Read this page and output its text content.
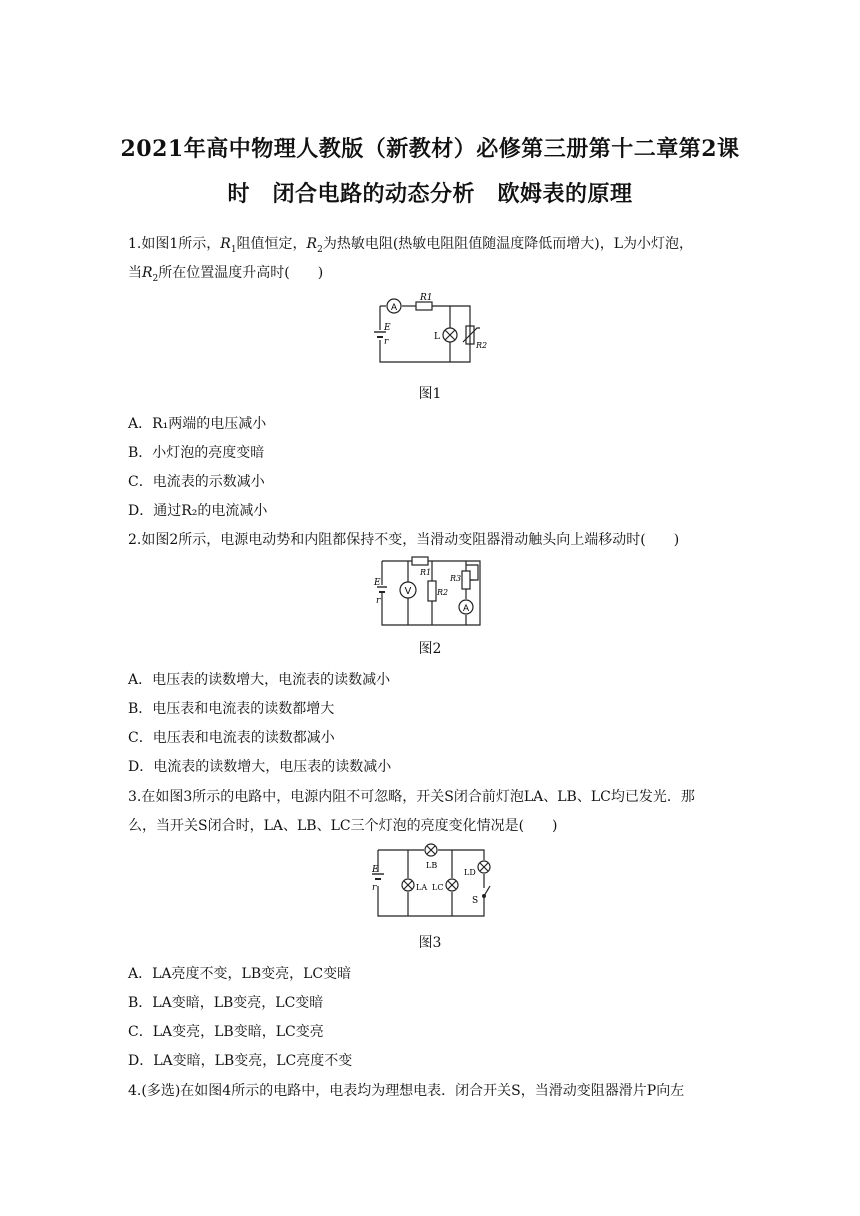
2021年高中物理人教版（新教材）必修第三册第十二章第2课
时　闭合电路的动态分析　欧姆表的原理
1.如图1所示，$R_1$阻值恒定，$R_2$为热敏电阻(热敏电阻阻值随温度降低而增大)，L为小灯泡，
当$R_2$所在位置温度升高时(　　)
A
R1
E
r	L
R2
图1
A．R₁两端的电压减小
B．小灯泡的亮度变暗
C．电流表的示数减小
D．通过R₂的电流减小
2.如图2所示，电源电动势和内阻都保持不变，当滑动变阻器滑动触头向上端移动时(　　)
V
A
E
r
R1
R2
R3
图2
A．电压表的读数增大，电流表的读数减小
B．电压表和电流表的读数都增大
C．电压表和电流表的读数都减小
D．电流表的读数增大，电压表的读数减小
3.在如图3所示的电路中，电源内阻不可忽略，开关S闭合前灯泡LA、LB、LC均已发光．那
么，当开关S闭合时，LA、LB、LC三个灯泡的亮度变化情况是(　　)
E
r
LB
LA LC
LD
S
图3
A．LA亮度不变，LB变亮，LC变暗
B．LA变暗，LB变亮，LC变暗
C．LA变亮，LB变暗，LC变亮
D．LA变暗，LB变亮，LC亮度不变
4.(多选)在如图4所示的电路中，电表均为理想电表．闭合开关S，当滑动变阻器滑片P向左
